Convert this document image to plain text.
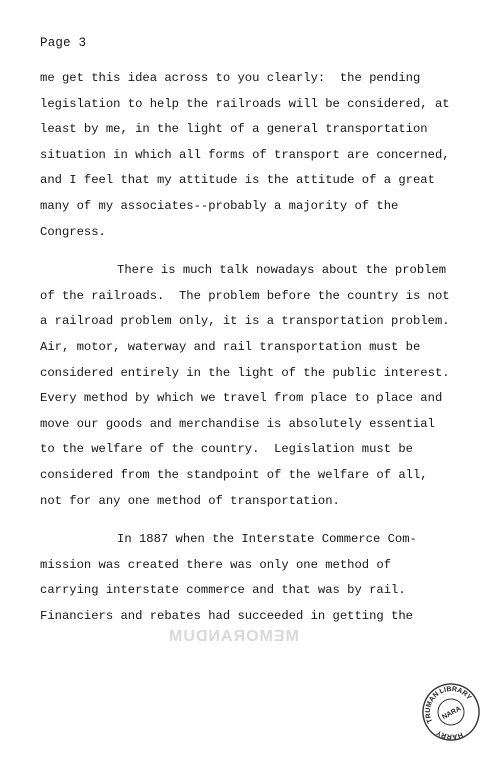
Page 3
me get this idea across to you clearly:  the pending
legislation to help the railroads will be considered, at
least by me, in the light of a general transportation
situation in which all forms of transport are concerned,
and I feel that my attitude is the attitude of a great
many of my associates--probably a majority of the
Congress.
There is much talk nowadays about the problem
of the railroads.  The problem before the country is not
a railroad problem only, it is a transportation problem.
Air, motor, waterway and rail transportation must be
considered entirely in the light of the public interest.
Every method by which we travel from place to place and
move our goods and merchandise is absolutely essential
to the welfare of the country.  Legislation must be
considered from the standpoint of the welfare of all,
not for any one method of transportation.
In 1887 when the Interstate Commerce Com-
mission was created there was only one method of
carrying interstate commerce and that was by rail.
Financiers and rebates had succeeded in getting the
MEMORANDUM
TRUMAN LIBRARY
HARRY
NARA
